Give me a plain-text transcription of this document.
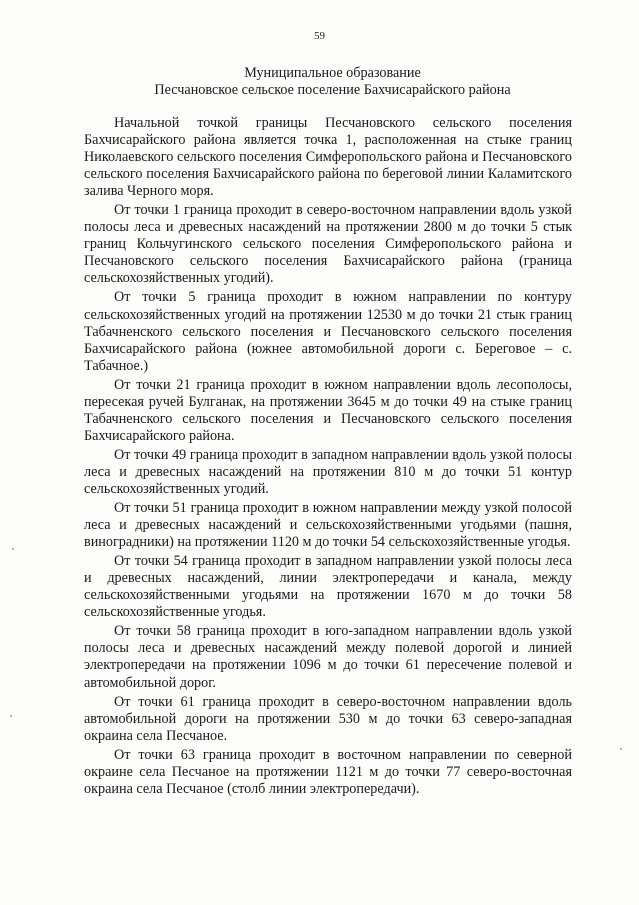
59
Муниципальное образование
Песчановское сельское поселение Бахчисарайского района

Начальной точкой границы Песчановского сельского поселения Бахчисарайского района является точка 1, расположенная на стыке границ Николаевского сельского поселения Симферопольского района и Песчановского сельского поселения Бахчисарайского района по береговой линии Каламитского залива Черного моря.

От точки 1 граница проходит в северо-восточном направлении вдоль узкой полосы леса и древесных насаждений на протяжении 2800 м до точки 5 стык границ Кольчугинского сельского поселения Симферопольского района и Песчановского сельского поселения Бахчисарайского района (граница сельскохозяйственных угодий).

От точки 5 граница проходит в южном направлении по контуру сельскохозяйственных угодий на протяжении 12530 м до точки 21 стык границ Табачненского сельского поселения и Песчановского сельского поселения Бахчисарайского района (южнее автомобильной дороги с. Береговое – с. Табачное.)

От точки 21 граница проходит в южном направлении вдоль лесополосы, пересекая ручей Булганак, на протяжении 3645 м до точки 49 на стыке границ Табачненского сельского поселения и Песчановского сельского поселения Бахчисарайского района.

От точки 49 граница проходит в западном направлении вдоль узкой полосы леса и древесных насаждений на протяжении 810 м до точки 51 контур сельскохозяйственных угодий.

От точки 51 граница проходит в южном направлении между узкой полосой леса и древесных насаждений и сельскохозяйственными угодьями (пашня, виноградники) на протяжении 1120 м до точки 54 сельскохозяйственные угодья.

От точки 54 граница проходит в западном направлении узкой полосы леса и древесных насаждений, линии электропередачи и канала, между сельскохозяйственными угодьями на протяжении 1670 м до точки 58 сельскохозяйственные угодья.

От точки 58 граница проходит в юго-западном направлении вдоль узкой полосы леса и древесных насаждений между полевой дорогой и линией электропередачи на протяжении 1096 м до точки 61 пересечение полевой и автомобильной дорог.

От точки 61 граница проходит в северо-восточном направлении вдоль автомобильной дороги на протяжении 530 м до точки 63 северо-западная окраина села Песчаное.

От точки 63 граница проходит в восточном направлении по северной окраине села Песчаное на протяжении 1121 м до точки 77 северо-восточная окраина села Песчаное (столб линии электропередачи).
